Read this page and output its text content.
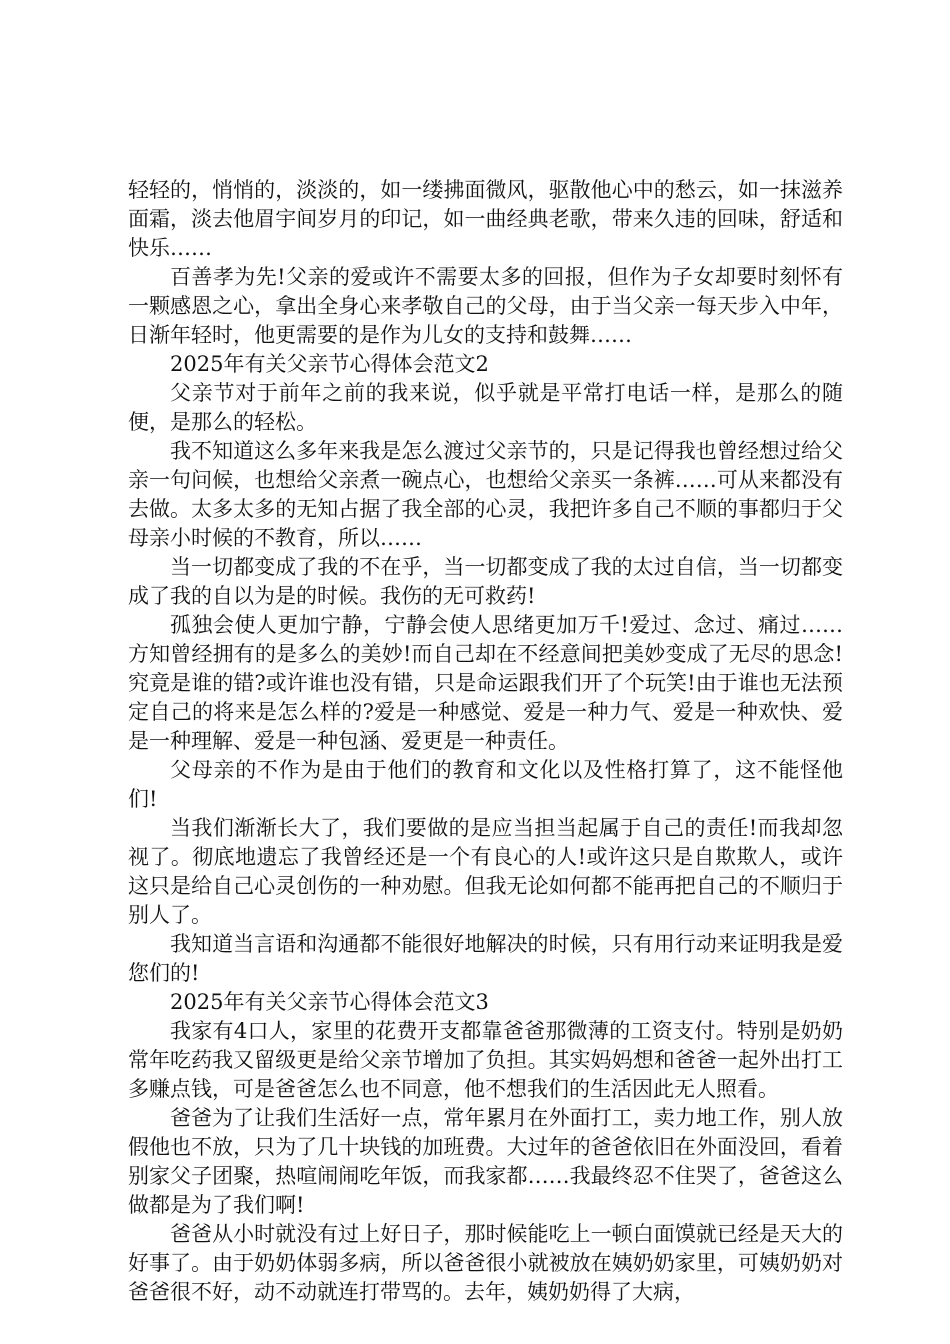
轻轻的，悄悄的，淡淡的，如一缕拂面微风，驱散他心中的愁云，如一抹滋养面霜，淡去他眉宇间岁月的印记，如一曲经典老歌，带来久违的回味，舒适和快乐……

百善孝为先!父亲的爱或许不需要太多的回报，但作为子女却要时刻怀有一颗感恩之心，拿出全身心来孝敬自己的父母，由于当父亲一每天步入中年，日渐年轻时，他更需要的是作为儿女的支持和鼓舞……

2025年有关父亲节心得体会范文2

父亲节对于前年之前的我来说，似乎就是平常打电话一样，是那么的随便，是那么的轻松。

我不知道这么多年来我是怎么渡过父亲节的，只是记得我也曾经想过给父亲一句问候，也想给父亲煮一碗点心，也想给父亲买一条裤……可从来都没有去做。太多太多的无知占据了我全部的心灵，我把许多自己不顺的事都归于父母亲小时候的不教育，所以……

当一切都变成了我的不在乎，当一切都变成了我的太过自信，当一切都变成了我的自以为是的时候。我伤的无可救药!

孤独会使人更加宁静，宁静会使人思绪更加万千!爱过、念过、痛过……方知曾经拥有的是多么的美妙!而自己却在不经意间把美妙变成了无尽的思念!究竟是谁的错?或许谁也没有错，只是命运跟我们开了个玩笑!由于谁也无法预定自己的将来是怎么样的?爱是一种感觉、爱是一种力气、爱是一种欢快、爱是一种理解、爱是一种包涵、爱更是一种责任。

父母亲的不作为是由于他们的教育和文化以及性格打算了，这不能怪他们!

当我们渐渐长大了，我们要做的是应当担当起属于自己的责任!而我却忽视了。彻底地遗忘了我曾经还是一个有良心的人!或许这只是自欺欺人，或许这只是给自己心灵创伤的一种劝慰。但我无论如何都不能再把自己的不顺归于别人了。

我知道当言语和沟通都不能很好地解决的时候，只有用行动来证明我是爱您们的!

2025年有关父亲节心得体会范文3

我家有4口人，家里的花费开支都靠爸爸那微薄的工资支付。特别是奶奶常年吃药我又留级更是给父亲节增加了负担。其实妈妈想和爸爸一起外出打工多赚点钱，可是爸爸怎么也不同意，他不想我们的生活因此无人照看。

爸爸为了让我们生活好一点，常年累月在外面打工，卖力地工作，别人放假他也不放，只为了几十块钱的加班费。大过年的爸爸依旧在外面没回，看着别家父子团聚，热喧闹闹吃年饭，而我家都……我最终忍不住哭了，爸爸这么做都是为了我们啊!

爸爸从小时就没有过上好日子，那时候能吃上一顿白面馍就已经是天大的好事了。由于奶奶体弱多病，所以爸爸很小就被放在姨奶奶家里，可姨奶奶对爸爸很不好，动不动就连打带骂的。去年，姨奶奶得了大病，
